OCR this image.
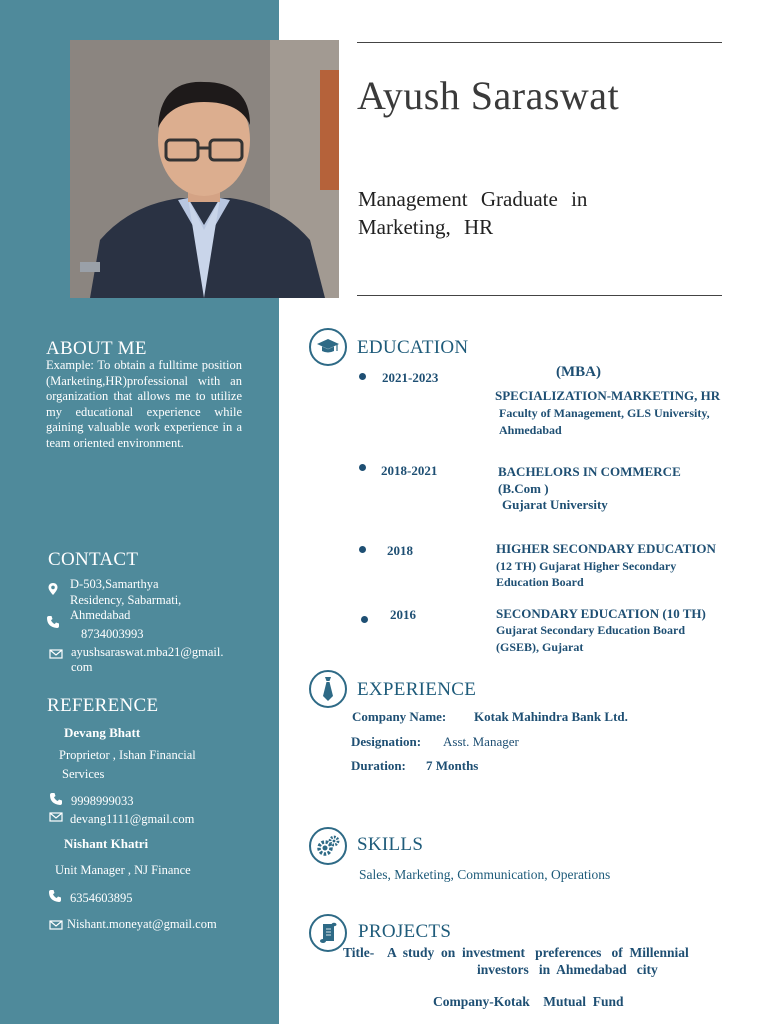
ABOUT ME
Example: To obtain a fulltime position (Marketing,HR)professional with an organization that allows me to utilize my educational experience while gaining valuable work experience in a team oriented environment.
CONTACT
D-503,Samarthya Residency, Sabarmati, Ahmedabad
8734003993
ayushsaraswat.mba21@gmail.
com
REFERENCE
Devang Bhatt
Proprietor , Ishan Financial
Services
9998999033
devang1111@gmail.com
Nishant Khatri
Unit Manager , NJ Finance
6354603895
Nishant.moneyat@gmail.com
Ayush Saraswat
Management Graduate in
Marketing, HR
EDUCATION
2021-2023	(MBA)
SPECIALIZATION-MARKETING, HR
Faculty of Management, GLS University,
Ahmedabad
2018-2021	BACHELORS IN COMMERCE
(B.Com )
Gujarat University
2018	HIGHER SECONDARY EDUCATION
(12 TH) Gujarat Higher Secondary
Education Board
2016	SECONDARY EDUCATION (10 TH)
Gujarat Secondary Education Board
(GSEB), Gujarat
EXPERIENCE
Company Name: Kotak Mahindra Bank Ltd.
Designation: Asst. Manager
Duration: 7 Months
SKILLS
Sales, Marketing, Communication, Operations
PROJECTS
Title-    A  study  on  investment   preferences   of  Millennial
investors   in  Ahmedabad   city
Company-Kotak    Mutual  Fund
